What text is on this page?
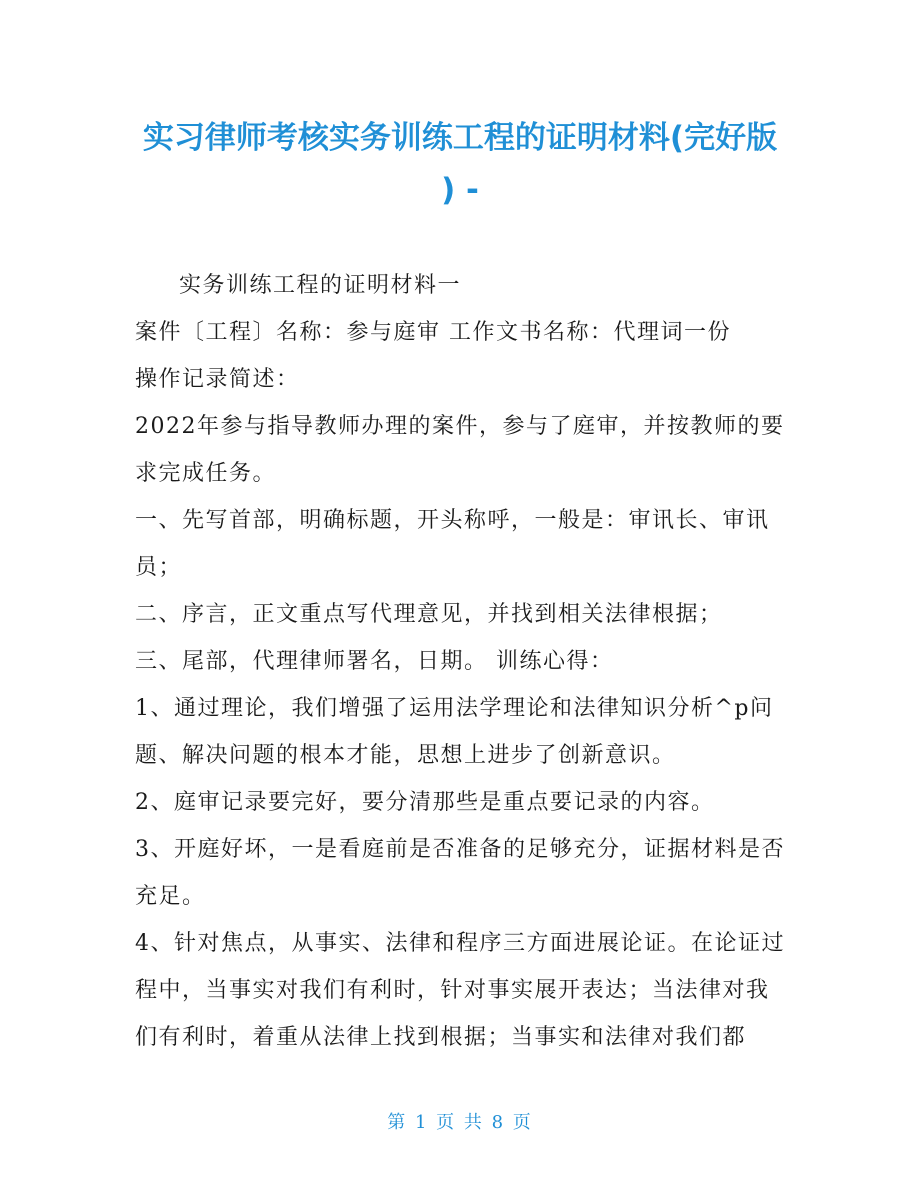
实习律师考核实务训练工程的证明材料(完好版
) -

实务训练工程的证明材料一

案件〔工程〕名称：参与庭审 工作文书名称：代理词一份

操作记录简述：

2022年参与指导教师办理的案件，参与了庭审，并按教师的要求完成任务。

一、先写首部，明确标题，开头称呼，一般是：审讯长、审讯员；

二、序言，正文重点写代理意见，并找到相关法律根据；

三、尾部，代理律师署名，日期。 训练心得：

1、通过理论，我们增强了运用法学理论和法律知识分析^p问题、解决问题的根本才能，思想上进步了创新意识。

2、庭审记录要完好，要分清那些是重点要记录的内容。

3、开庭好坏，一是看庭前是否准备的足够充分，证据材料是否充足。

4、针对焦点，从事实、法律和程序三方面进展论证。在论证过程中，当事实对我们有利时，针对事实展开表达；当法律对我们有利时，着重从法律上找到根据；当事实和法律对我们都

第 1 页 共 8 页
